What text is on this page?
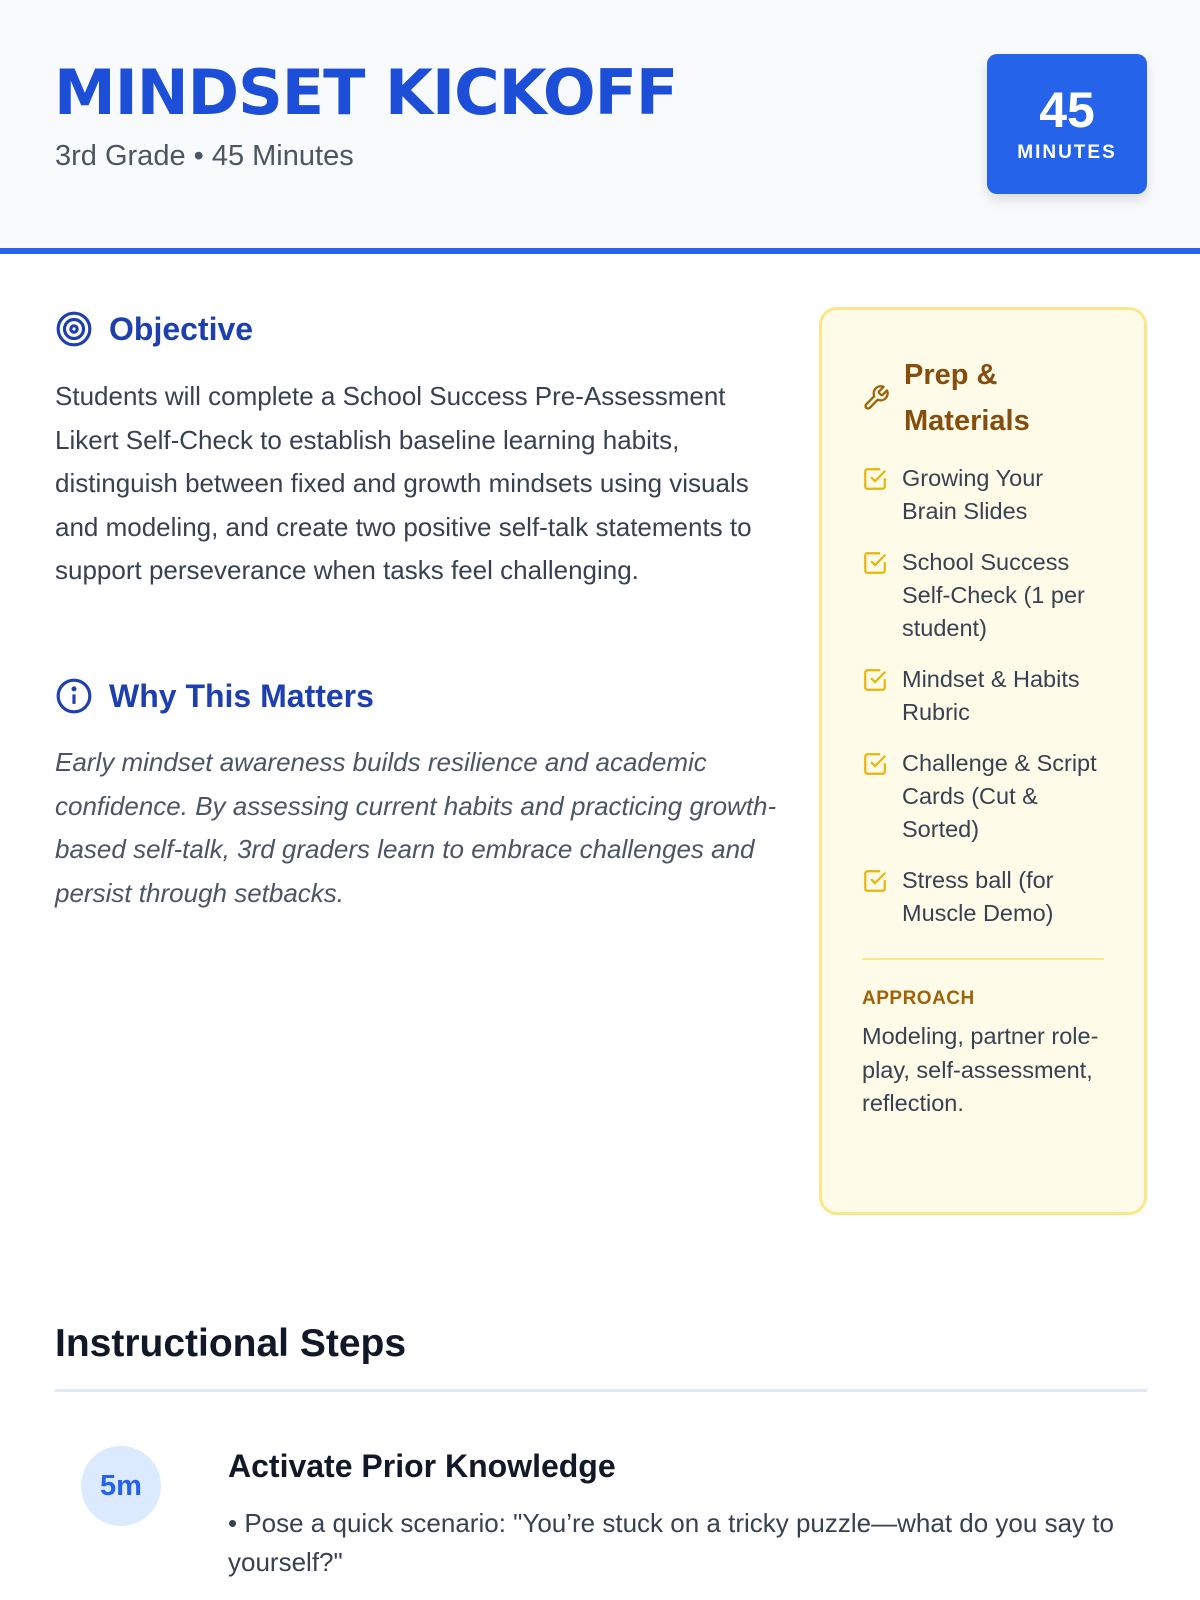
MINDSET KICKOFF
3rd Grade • 45 Minutes
45
MINUTES
Objective
Students will complete a School Success Pre-Assessment Likert Self-Check to establish baseline learning habits, distinguish between fixed and growth mindsets using visuals and modeling, and create two positive self-talk statements to support perseverance when tasks feel challenging.
Why This Matters
Early mindset awareness builds resilience and academic confidence. By assessing current habits and practicing growth-based self-talk, 3rd graders learn to embrace challenges and persist through setbacks.
Prep & Materials
Growing Your Brain Slides
School Success Self-Check (1 per student)
Mindset & Habits Rubric
Challenge & Script Cards (Cut & Sorted)
Stress ball (for Muscle Demo)
APPROACH
Modeling, partner role-play, self-assessment, reflection.
Instructional Steps
5m
Activate Prior Knowledge
• Pose a quick scenario: "You’re stuck on a tricky puzzle—what do you say to yourself?"
